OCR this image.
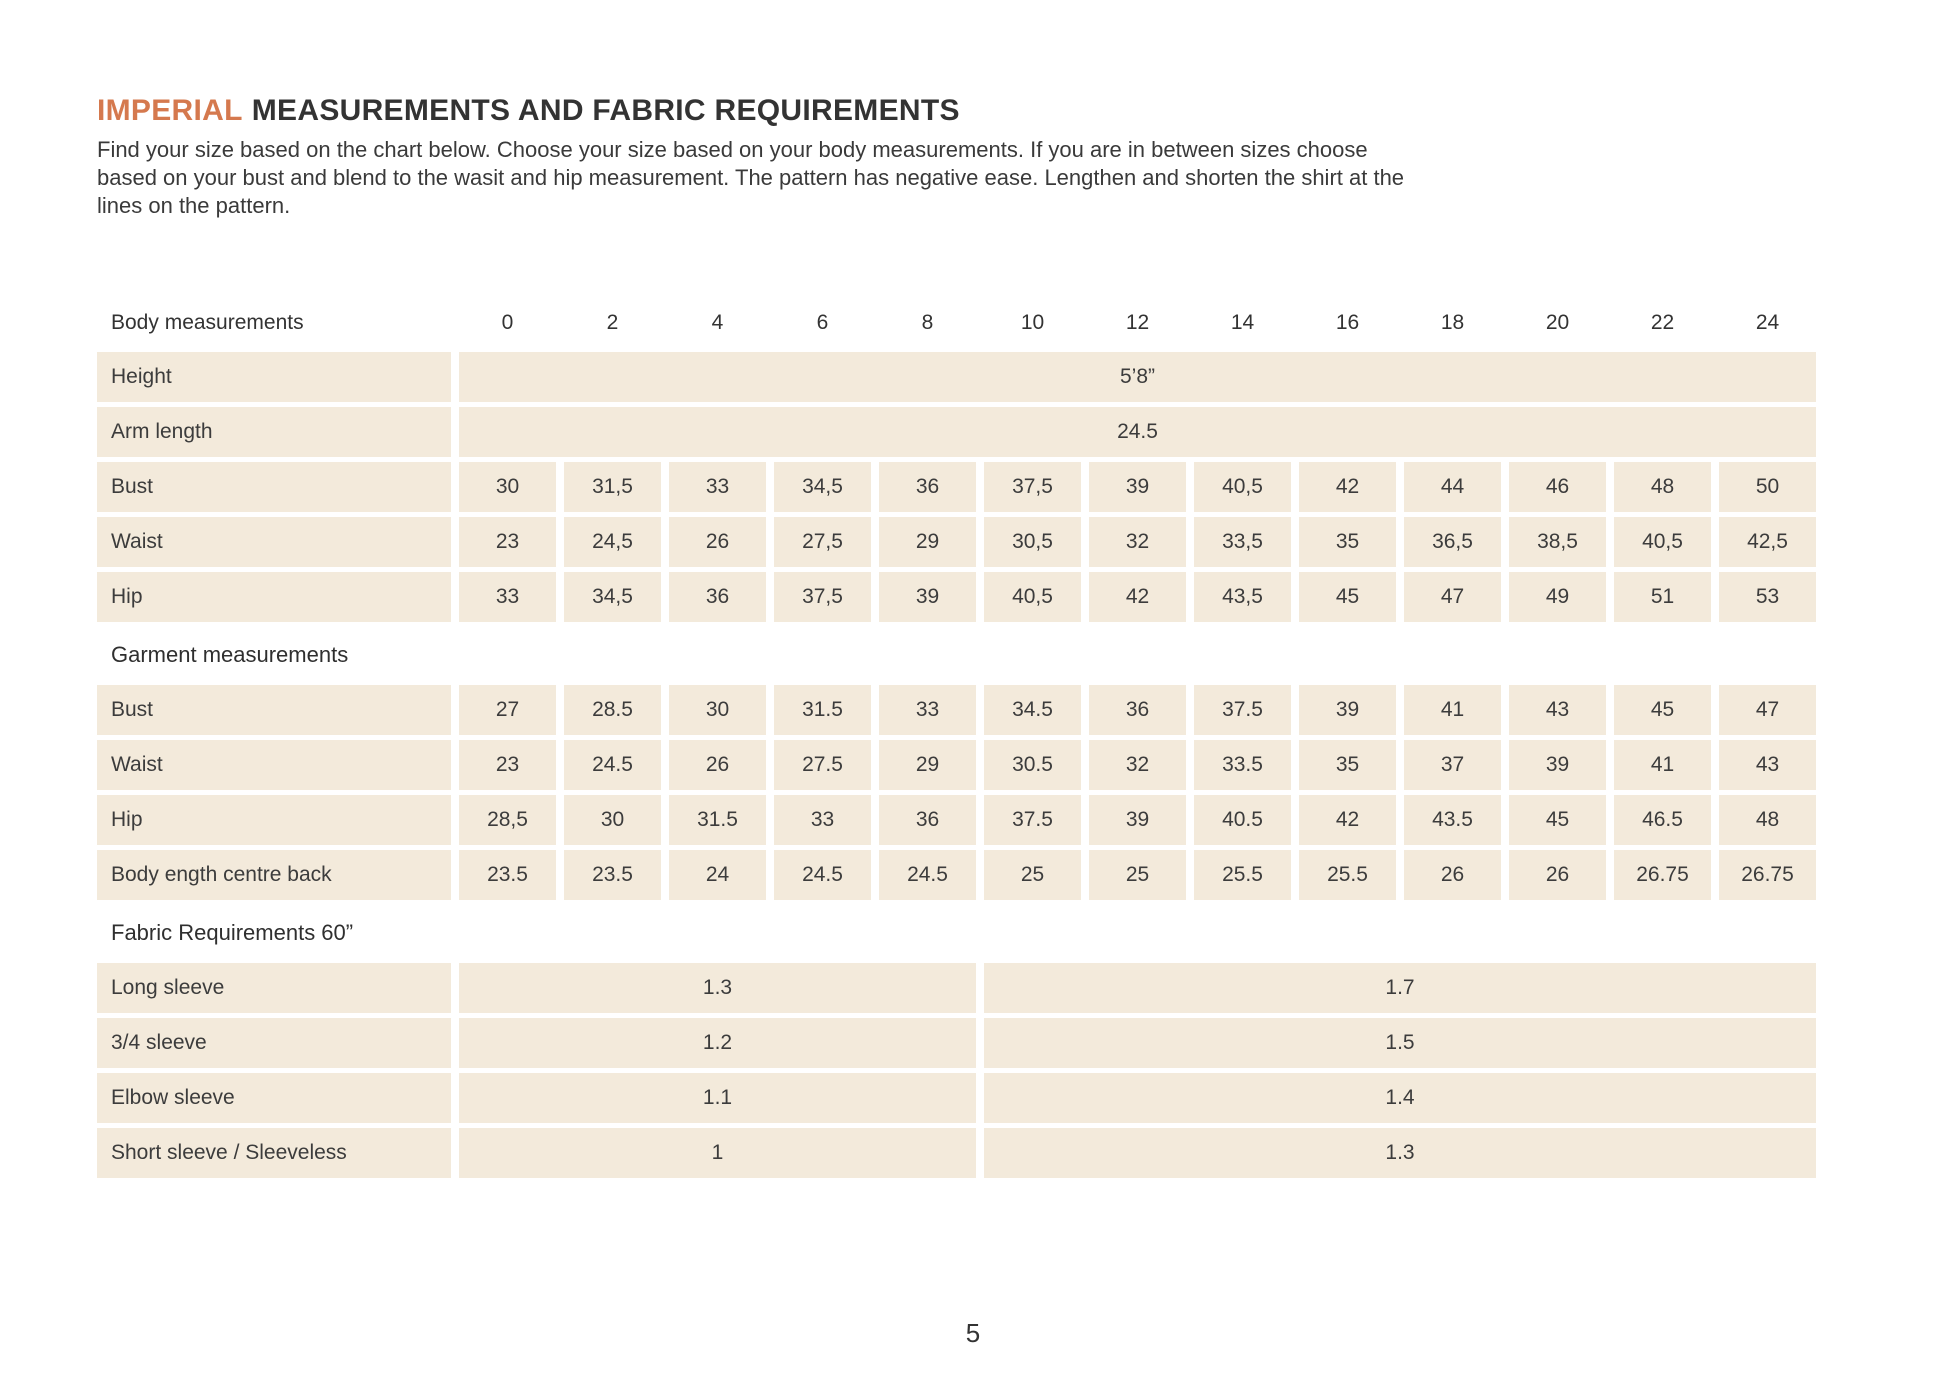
IMPERIAL MEASUREMENTS AND FABRIC REQUIREMENTS
Find your size based on the chart below. Choose your size based on your body measurements. If you are in between sizes choose
based on your bust and blend to the wasit and hip measurement. The pattern has negative ease. Lengthen and shorten the shirt at the
lines on the pattern.
Body measurements	0	2	4	6	8	10	12	14	16	18	20	22	24
Height	5’8”
Arm length	24.5
Bust	30	31,5	33	34,5	36	37,5	39	40,5	42	44	46	48	50
Waist	23	24,5	26	27,5	29	30,5	32	33,5	35	36,5	38,5	40,5	42,5
Hip	33	34,5	36	37,5	39	40,5	42	43,5	45	47	49	51	53
Garment measurements
Bust	27	28.5	30	31.5	33	34.5	36	37.5	39	41	43	45	47
Waist	23	24.5	26	27.5	29	30.5	32	33.5	35	37	39	41	43
Hip	28,5	30	31.5	33	36	37.5	39	40.5	42	43.5	45	46.5	48
Body ength centre back	23.5	23.5	24	24.5	24.5	25	25	25.5	25.5	26	26	26.75	26.75
Fabric Requirements 60”
Long sleeve	1.3	1.7
3/4 sleeve	1.2	1.5
Elbow sleeve	1.1	1.4
Short sleeve / Sleeveless	1	1.3
5
